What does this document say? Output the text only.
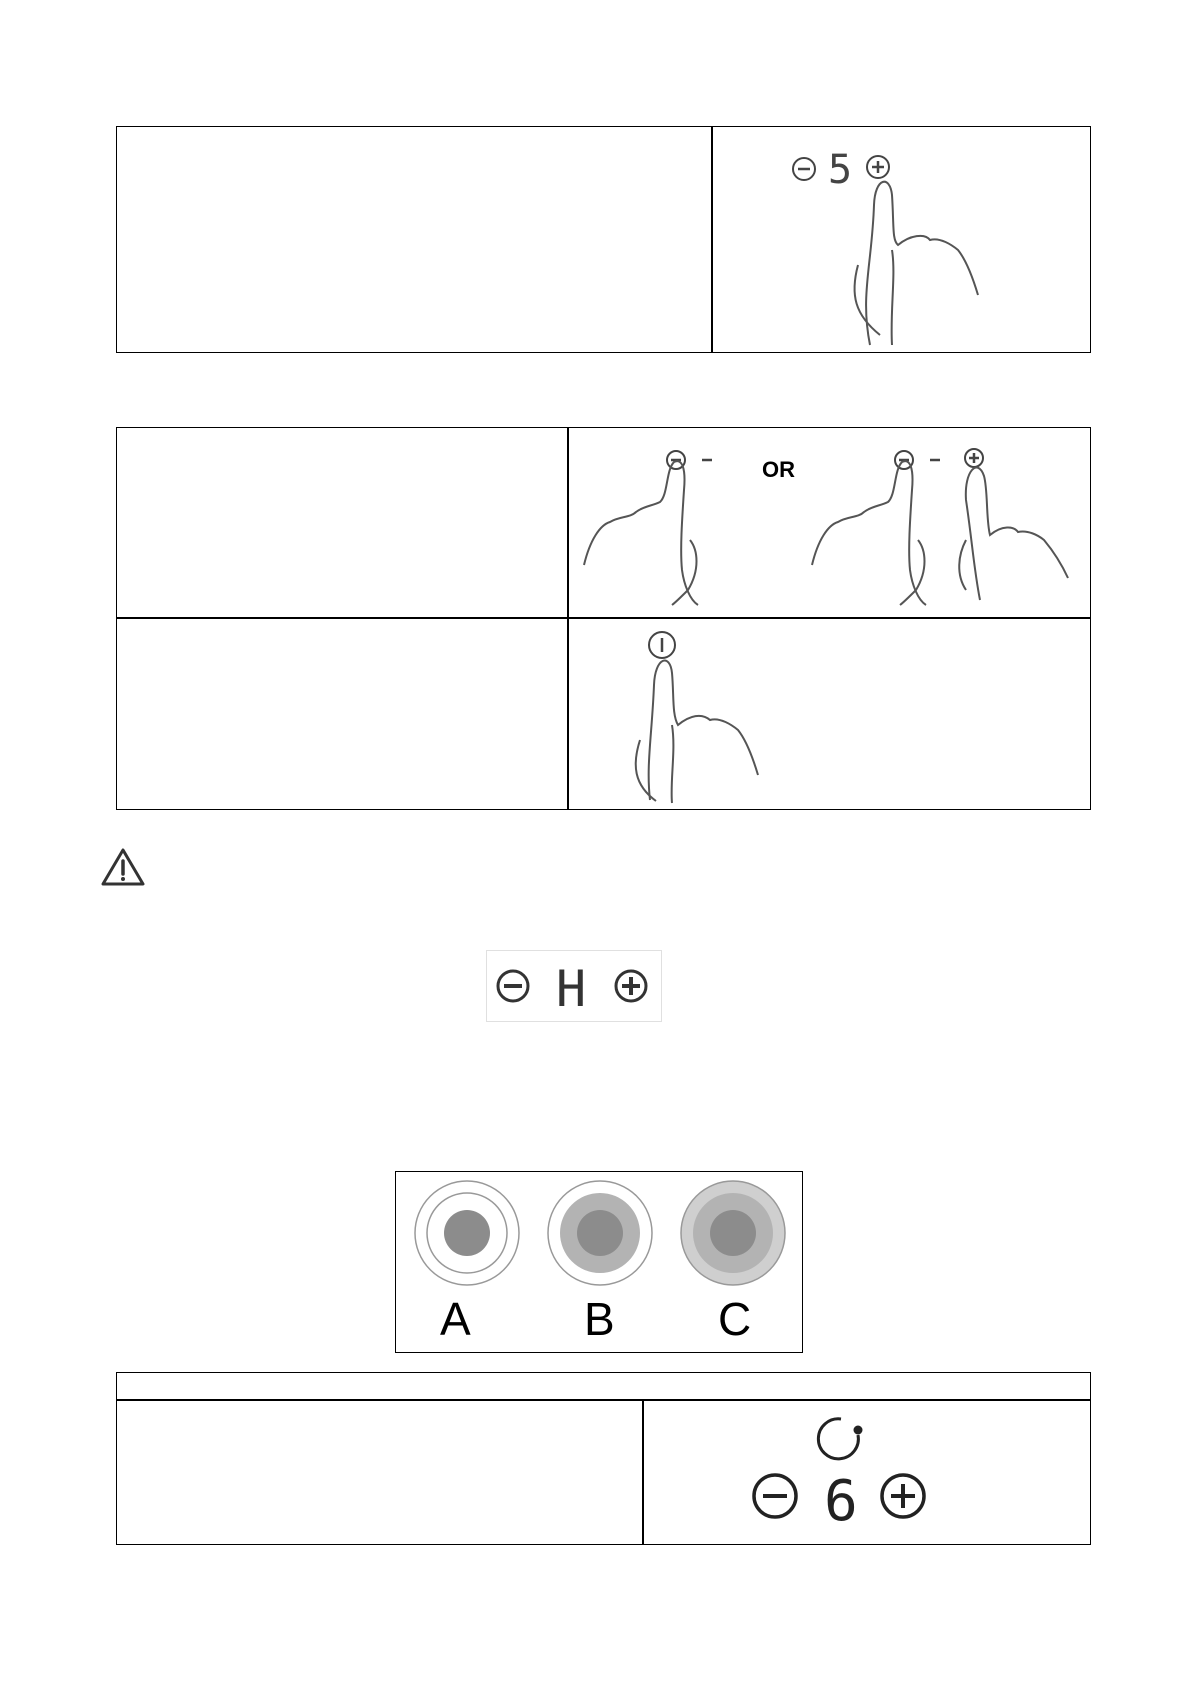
5
OR
H
A B C
6
